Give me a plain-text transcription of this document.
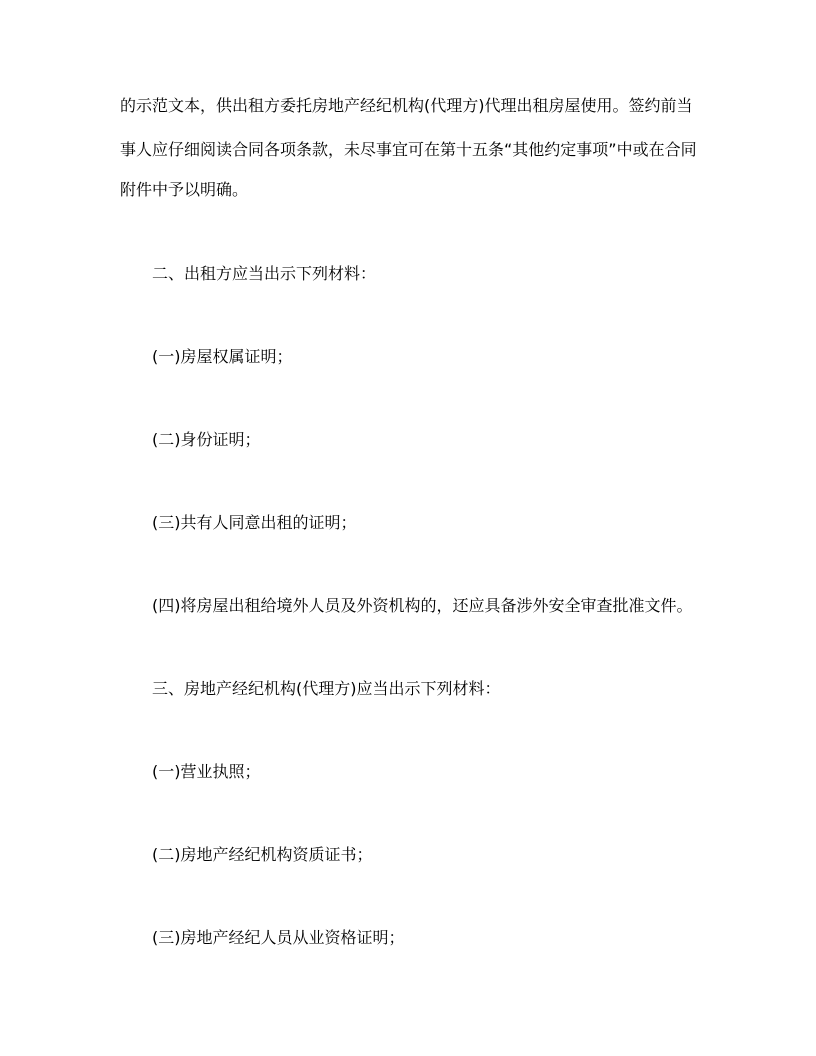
的示范文本，供出租方委托房地产经纪机构(代理方)代理出租房屋使用。签约前当
事人应仔细阅读合同各项条款，未尽事宜可在第十五条“其他约定事项”中或在合同
附件中予以明确。
二、出租方应当出示下列材料：
(一)房屋权属证明；
(二)身份证明；
(三)共有人同意出租的证明；
(四)将房屋出租给境外人员及外资机构的，还应具备涉外安全审查批准文件。
三、房地产经纪机构(代理方)应当出示下列材料：
(一)营业执照；
(二)房地产经纪机构资质证书；
(三)房地产经纪人员从业资格证明；
